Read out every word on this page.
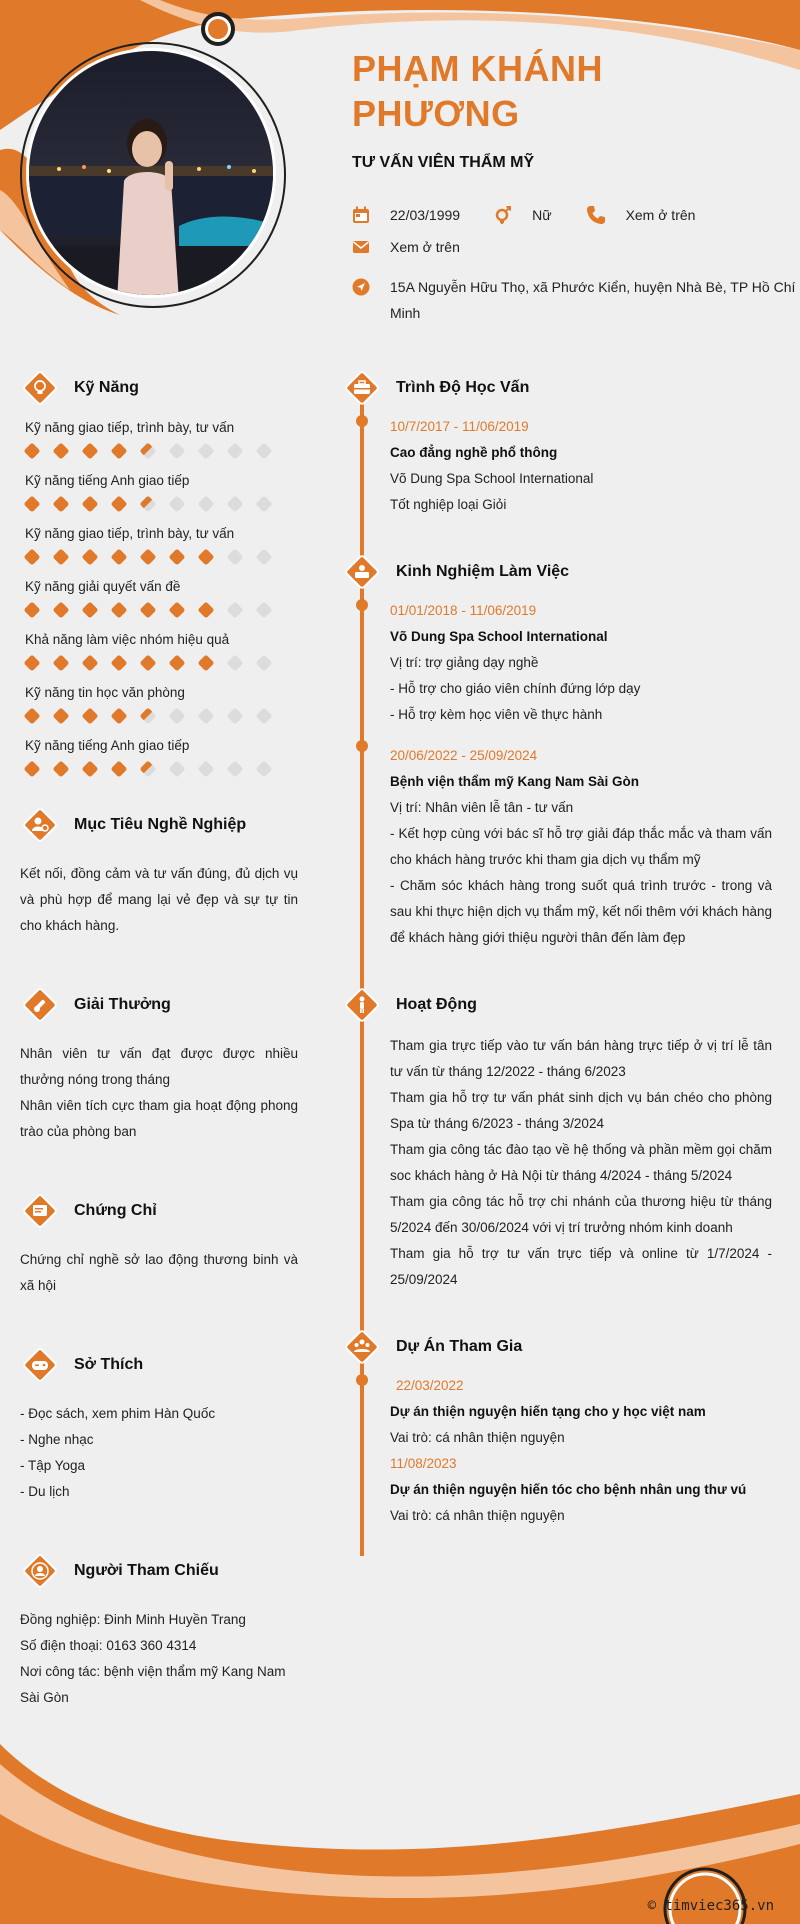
PHẠM KHÁNH PHƯƠNG
TƯ VẤN VIÊN THẨM MỸ
22/03/1999	Nữ	Xem ở trên
Xem ở trên
15A Nguyễn Hữu Thọ, xã Phước Kiển, huyện Nhà Bè, TP Hồ Chí Minh
Kỹ Năng
Kỹ năng giao tiếp, trình bày, tư vấn
Kỹ năng tiếng Anh giao tiếp
Kỹ năng giao tiếp, trình bày, tư vấn
Kỹ năng giải quyết vấn đề
Khả năng làm việc nhóm hiệu quả
Kỹ năng tin học văn phòng
Kỹ năng tiếng Anh giao tiếp
Mục Tiêu Nghề Nghiệp

Kết nối, đồng cảm và tư vấn đúng, đủ dịch vụ và phù hợp để mang lại vẻ đẹp và sự tự tin cho khách hàng.

Giải Thưởng

Nhân viên tư vấn đạt được được nhiều thưởng nóng trong tháng

Nhân viên tích cực tham gia hoạt động phong trào của phòng ban

Chứng Chỉ

Chứng chỉ nghề sở lao động thương binh và xã hội

Sở Thích

- Đọc sách, xem phim Hàn Quốc

- Nghe nhạc

- Tập Yoga

- Du lịch

Người Tham Chiếu

Đồng nghiệp: Đinh Minh Huyền Trang

Số điện thoại: 0163 360 4314

Nơi công tác: bệnh viện thẩm mỹ Kang Nam Sài Gòn

Trình Độ Học Vấn
10/7/2017 - 11/06/2019
Cao đẳng nghề phổ thông
Võ Dung Spa School International
Tốt nghiệp loại Giỏi
Kinh Nghiệm Làm Việc
01/01/2018 - 11/06/2019
Võ Dung Spa School International
Vị trí: trợ giảng dạy nghề
- Hỗ trợ cho giáo viên chính đứng lớp dạy
- Hỗ trợ kèm học viên về thực hành
20/06/2022 - 25/09/2024
Bệnh viện thẩm mỹ Kang Nam Sài Gòn
Vị trí: Nhân viên lễ tân - tư vấn
- Kết hợp cùng với bác sĩ hỗ trợ giải đáp thắc mắc và tham vấn cho khách hàng trước khi tham gia dịch vụ thẩm mỹ
- Chăm sóc khách hàng trong suốt quá trình trước - trong và sau khi thực hiện dịch vụ thẩm mỹ, kết nối thêm với khách hàng để khách hàng giới thiệu người thân đến làm đẹp
Hoạt Động
Tham gia trực tiếp vào tư vấn bán hàng trực tiếp ở vị trí lễ tân tư vấn từ tháng 12/2022 - tháng 6/2023
Tham gia hỗ trợ tư vấn phát sinh dịch vụ bán chéo cho phòng Spa từ tháng 6/2023 - tháng 3/2024
Tham gia công tác đào tạo về hệ thống và phần mềm gọi chăm soc khách hàng ở Hà Nội từ tháng 4/2024 - tháng 5/2024
Tham gia công tác hỗ trợ chi nhánh của thương hiệu từ tháng 5/2024 đến 30/06/2024 với vị trí trưởng nhóm kinh doanh
Tham gia hỗ trợ tư vấn trực tiếp và online từ 1/7/2024 - 25/09/2024
Dự Án Tham Gia
22/03/2022
Dự án thiện nguyện hiến tạng cho y học việt nam
Vai trò: cá nhân thiện nguyện
11/08/2023
Dự án thiện nguyện hiến tóc cho bệnh nhân ung thư vú
Vai trò: cá nhân thiện nguyện
© timviec365.vn
